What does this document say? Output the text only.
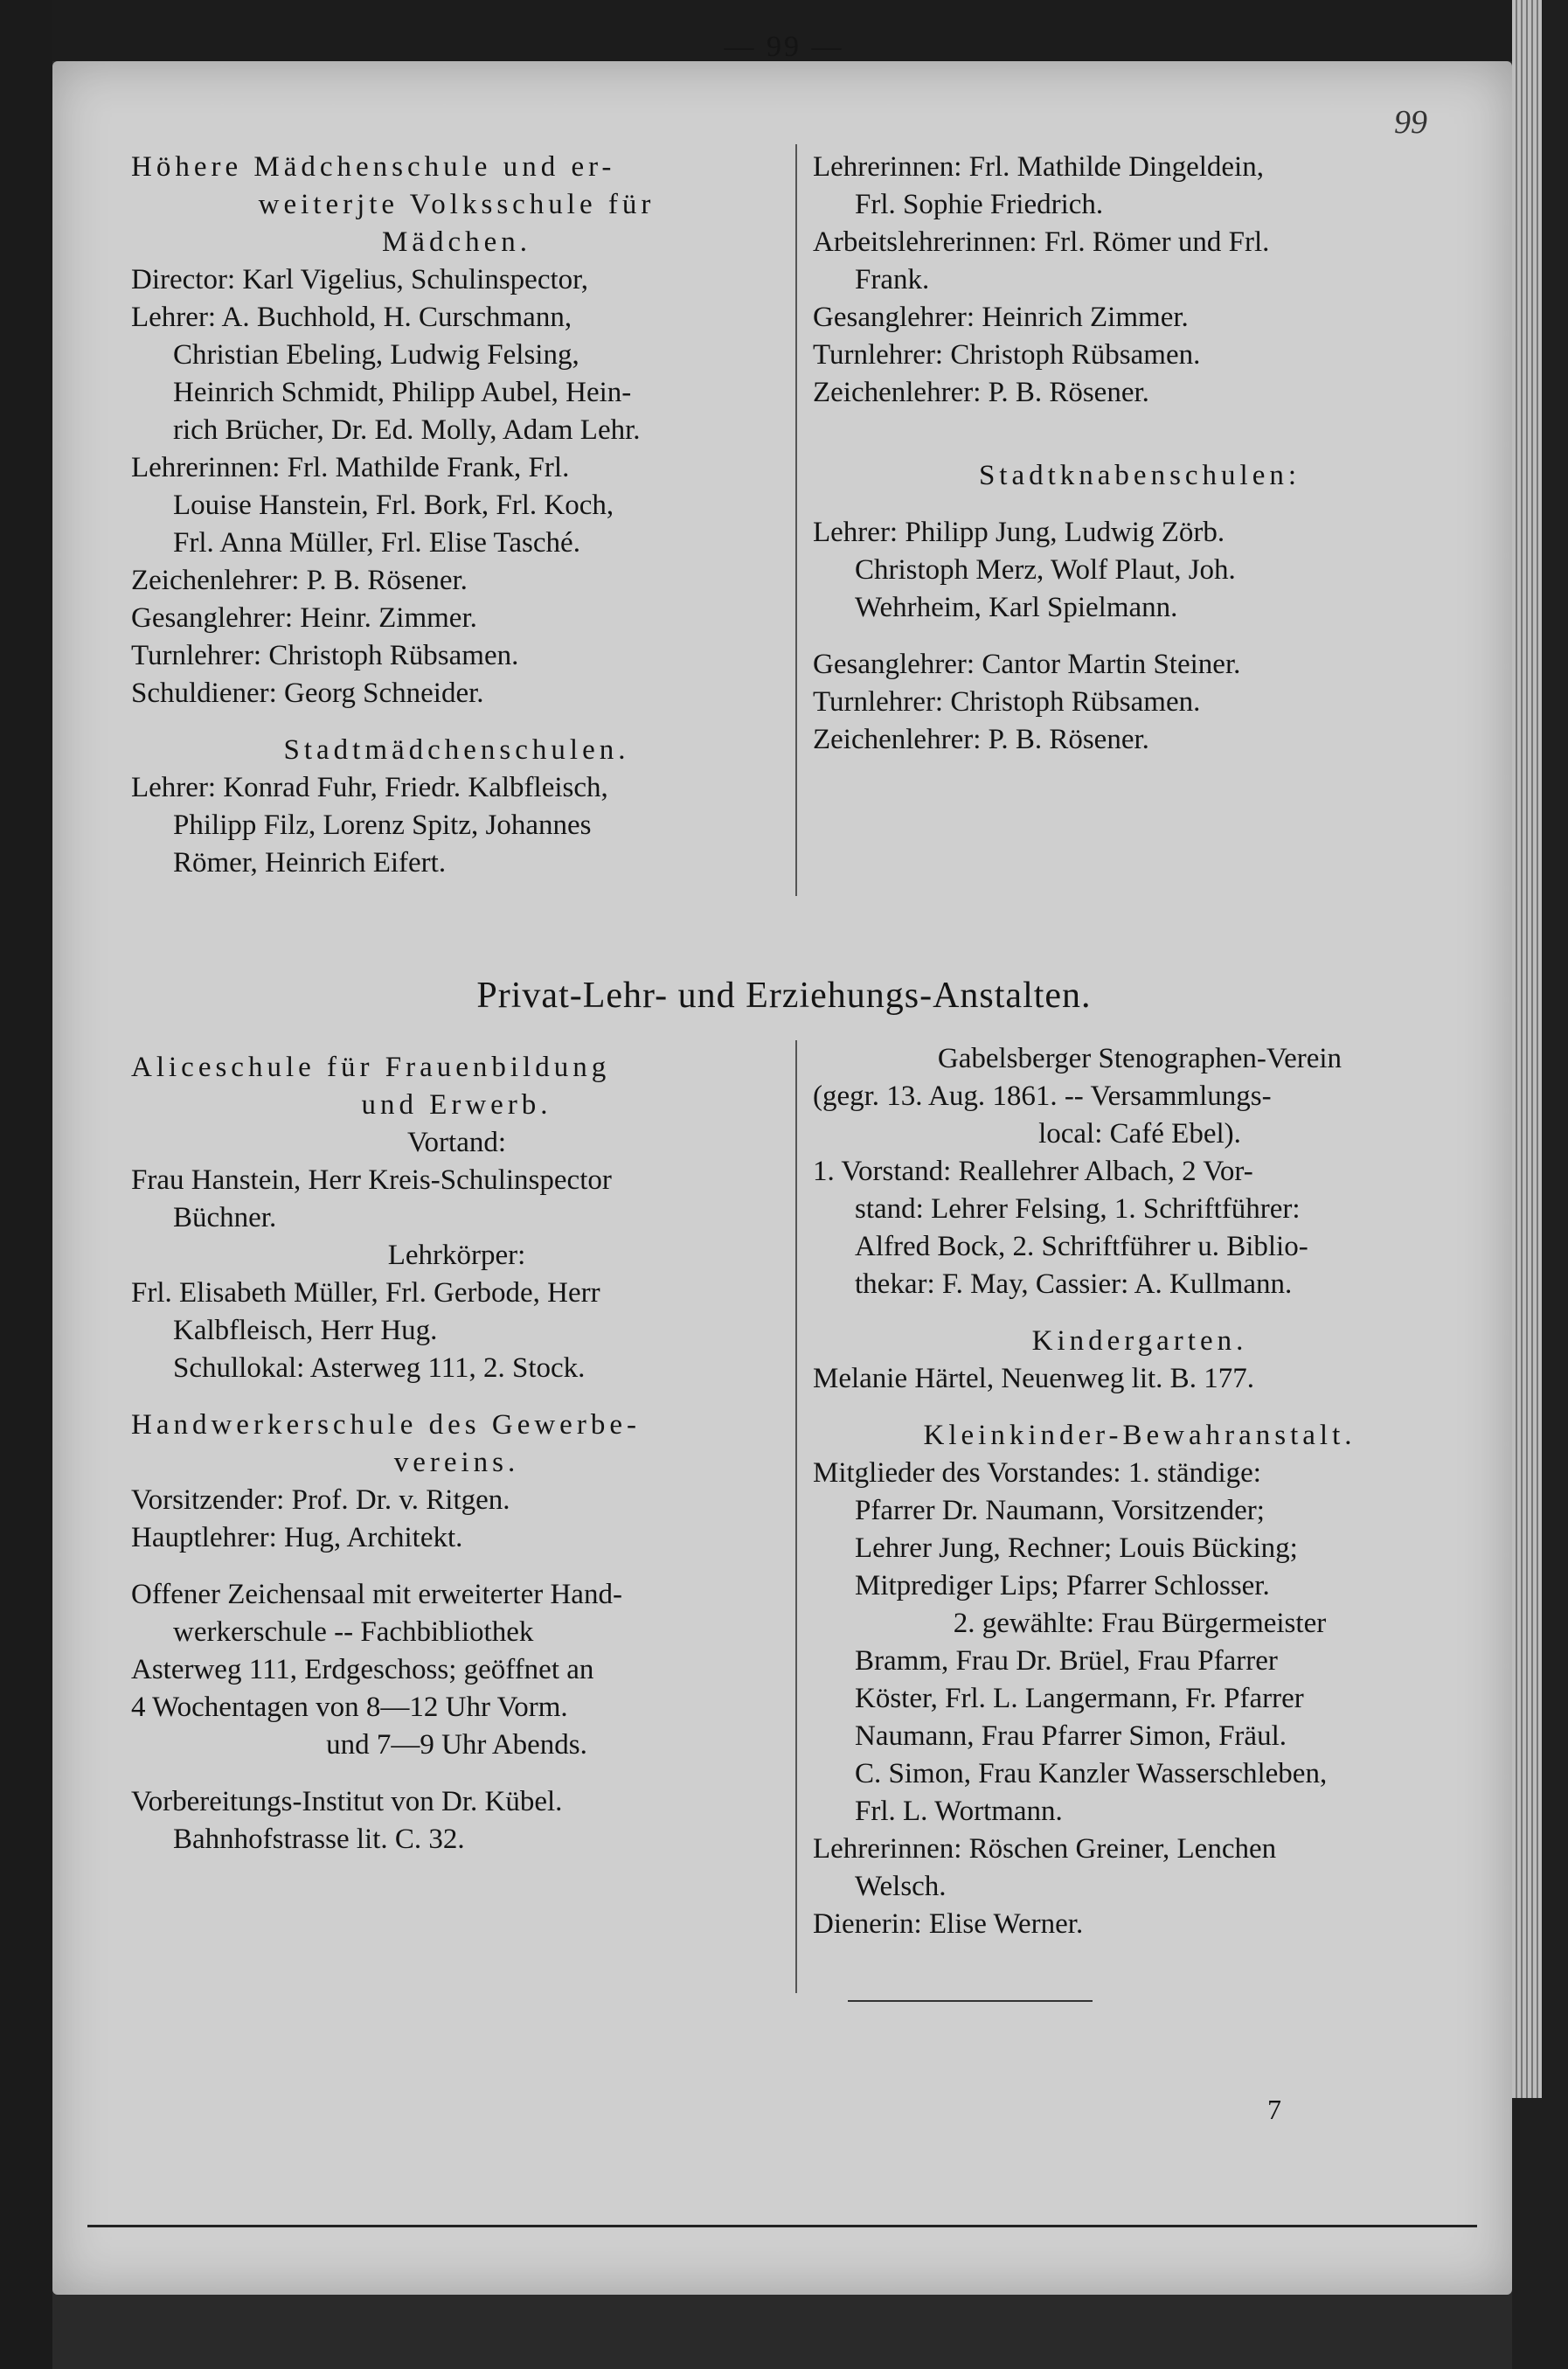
— 99 —
99
Höhere Mädchenschule und er-
weiterjte Volksschule für
Mädchen.
Director: Karl Vigelius, Schulinspector,
Lehrer: A. Buchhold, H. Curschmann,
Christian Ebeling, Ludwig Felsing,
Heinrich Schmidt, Philipp Aubel, Hein-
rich Brücher, Dr. Ed. Molly, Adam Lehr.
Lehrerinnen: Frl. Mathilde Frank, Frl.
Louise Hanstein, Frl. Bork, Frl. Koch,
Frl. Anna Müller, Frl. Elise Tasché.
Zeichenlehrer: P. B. Rösener.
Gesanglehrer: Heinr. Zimmer.
Turnlehrer: Christoph Rübsamen.
Schuldiener: Georg Schneider.
Stadtmädchenschulen.
Lehrer: Konrad Fuhr, Friedr. Kalbfleisch,
Philipp Filz, Lorenz Spitz, Johannes
Römer, Heinrich Eifert.
Lehrerinnen: Frl. Mathilde Dingeldein,
Frl. Sophie Friedrich.
Arbeitslehrerinnen: Frl. Römer und Frl.
Frank.
Gesanglehrer: Heinrich Zimmer.
Turnlehrer: Christoph Rübsamen.
Zeichenlehrer: P. B. Rösener.
Stadtknabenschulen:
Lehrer: Philipp Jung, Ludwig Zörb.
Christoph Merz, Wolf Plaut, Joh.
Wehrheim, Karl Spielmann.
Gesanglehrer: Cantor Martin Steiner.
Turnlehrer: Christoph Rübsamen.
Zeichenlehrer: P. B. Rösener.
Privat-Lehr- und Erziehungs-Anstalten.
Aliceschule für Frauenbildung
und Erwerb.
Vortand:
Frau Hanstein, Herr Kreis-Schulinspector
Büchner.
Lehrkörper:
Frl. Elisabeth Müller, Frl. Gerbode, Herr
Kalbfleisch, Herr Hug.
Schullokal: Asterweg 111, 2. Stock.
Handwerkerschule des Gewerbe-
vereins.
Vorsitzender: Prof. Dr. v. Ritgen.
Hauptlehrer: Hug, Architekt.
Offener Zeichensaal mit erweiterter Hand-
werkerschule -- Fachbibliothek
Asterweg 111, Erdgeschoss; geöffnet an
4 Wochentagen von 8—12 Uhr Vorm.
und 7—9 Uhr Abends.
Vorbereitungs-Institut von Dr. Kübel.
Bahnhofstrasse lit. C. 32.
Gabelsberger Stenographen-Verein
(gegr. 13. Aug. 1861. -- Versammlungs-
local: Café Ebel).
1. Vorstand: Reallehrer Albach, 2 Vor-
stand: Lehrer Felsing, 1. Schriftführer:
Alfred Bock, 2. Schriftführer u. Biblio-
thekar: F. May, Cassier: A. Kullmann.
Kindergarten.
Melanie Härtel, Neuenweg lit. B. 177.
Kleinkinder-Bewahranstalt.
Mitglieder des Vorstandes: 1. ständige:
Pfarrer Dr. Naumann, Vorsitzender;
Lehrer Jung, Rechner; Louis Bücking;
Mitprediger Lips; Pfarrer Schlosser.
2. gewählte: Frau Bürgermeister
Bramm, Frau Dr. Brüel, Frau Pfarrer
Köster, Frl. L. Langermann, Fr. Pfarrer
Naumann, Frau Pfarrer Simon, Fräul.
C. Simon, Frau Kanzler Wasserschleben,
Frl. L. Wortmann.
Lehrerinnen: Röschen Greiner, Lenchen
Welsch.
Dienerin: Elise Werner.
7
